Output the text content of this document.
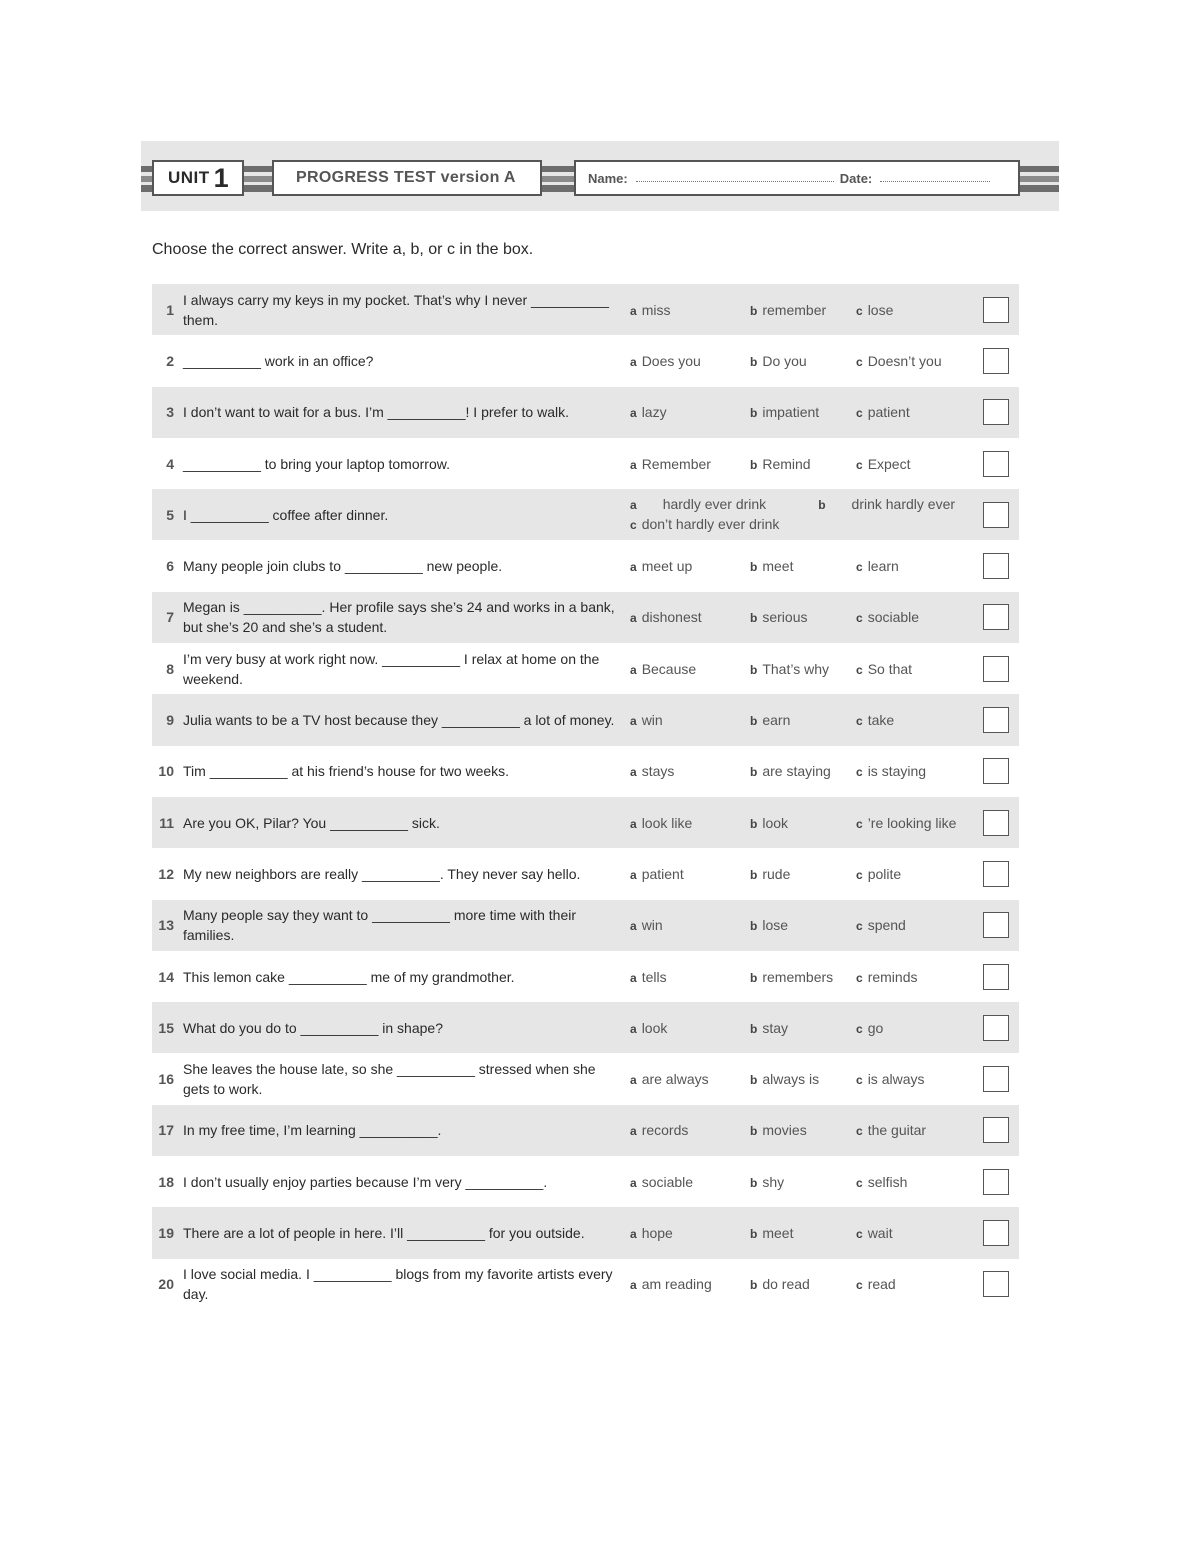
UNIT 1	PROGRESS TEST version A	Name:	Date:
Choose the correct answer. Write a, b, or c in the box.
1
I always carry my keys in my pocket. That’s why I never __________ them.
a miss	b remember c lose
2 __________ work in an office?	a Does you	b Do you	c Doesn’t you
3 I don’t want to wait for a bus. I’m __________! I prefer to walk.	a lazy	b impatient	c patient
4 __________ to bring your laptop tomorrow.	a Remember	b Remind	c Expect
5 I __________ coffee after dinner.
a hardly ever drink	b drink hardly ever
c don’t hardly ever drink
6 Many people join clubs to __________ new people.	a meet up	b meet	c learn
7
Megan is __________. Her profile says she’s 24 and works in a bank, but she’s 20 and she’s a student.
a dishonest	b serious	c sociable
8
I’m very busy at work right now. __________ I relax at home on the weekend.
a Because	b That’s why c So that
9 Julia wants to be a TV host because they __________ a lot of money.	a win	b earn	c take
10 Tim __________ at his friend’s house for two weeks.	a stays	b are staying c is staying
11 Are you OK, Pilar? You __________ sick.	a look like	b look	c ’re looking like
12 My new neighbors are really __________. They never say hello.	a patient	b rude	c polite
13
Many people say they want to __________ more time with their families.
a win	b lose	c spend
14 This lemon cake __________ me of my grandmother.	a tells	b remembers c reminds
15 What do you do to __________ in shape?	a look	b stay	c go
16
She leaves the house late, so she __________ stressed when she gets to work.
a are always	b always is	c is always
17 In my free time, I’m learning __________.	a records	b movies	c the guitar
18 I don’t usually enjoy parties because I’m very __________.	a sociable	b shy	c selfish
19 There are a lot of people in here. I’ll __________ for you outside.	a hope	b meet	c wait
20
I love social media. I __________ blogs from my favorite artists every day.
a am reading	b do read	c read
